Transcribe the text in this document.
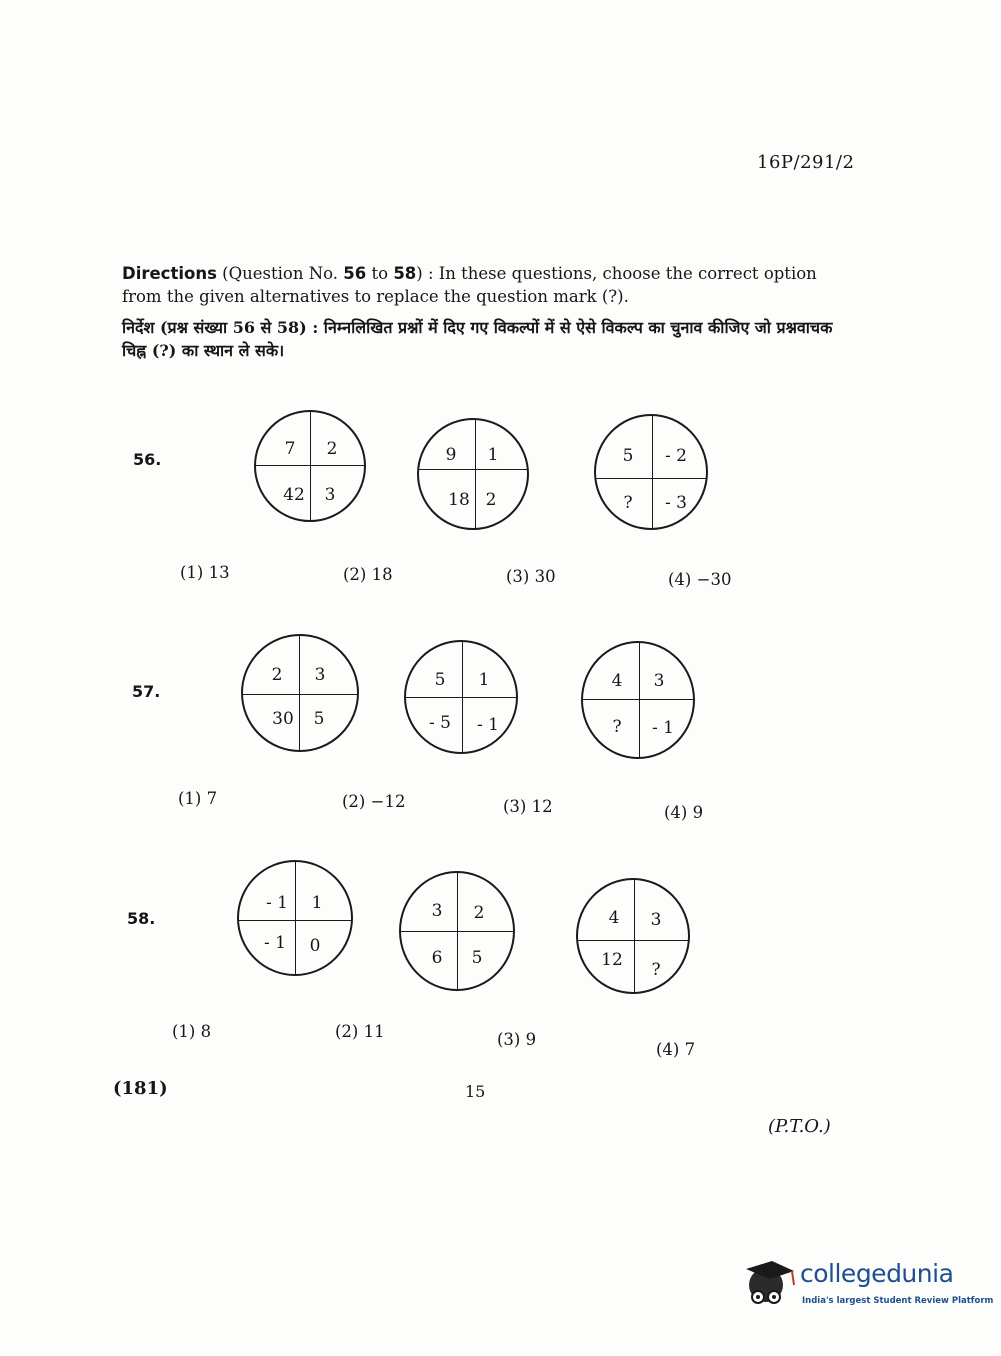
16P/291/2
Directions (Question No. 56 to 58) : In these questions, choose the correct option from the given alternatives to replace the question mark (?).
निर्देश (प्रश्न संख्या 56 से 58) : निम्नलिखित प्रश्नों में दिए गए विकल्पों में से ऐसे विकल्प का चुनाव कीजिए जो प्रश्नवाचक चिह्न (?) का स्थान ले सके।
56.
7	2
42	3
9	1
18 2
5	- 2
?	- 3
(1) 13	(2) 18	(3) 30	(4) −30
57.
2	3
30	5
5	1
- 5	- 1
4	3
?	- 1
(1) 7	(2) −12	(3) 12	(4) 9
58.
- 1	1
- 1	0
3	2
6	5
4	3
12	?
(1) 8	(2) 11	(3) 9
(4) 7
(181)	15
(P.T.O.)
collegedunia
India's largest Student Review Platform
